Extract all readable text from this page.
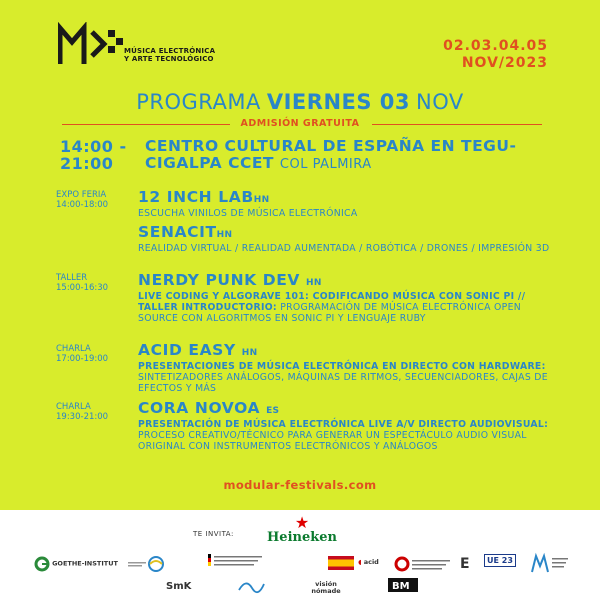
MÚSICA ELECTRÓNICA
Y ARTE TECNOLÓGICO
02.03.04.05
NOV/2023
PROGRAMA VIERNES 03 NOV
ADMISIÓN GRATUITA
14:00 -
21:00
CENTRO CULTURAL DE ESPAÑA EN TEGU-
CIGALPA CCET COL PALMIRA
EXPO FERIA
14:00-18:00 12 INCH LABHN
ESCUCHA VINILOS DE MÚSICA ELECTRÓNICA
SENACITHN
REALIDAD VIRTUAL / REALIDAD AUMENTADA / ROBÓTICA / DRONES / IMPRESIÓN 3D
TALLER
15:00-16:30 NERDY PUNK DEV HN
LIVE CODING Y ALGORAVE 101: CODIFICANDO MÚSICA CON SONIC PI // TALLER INTRODUCTORIO: PROGRAMACIÓN DE MÚSICA ELECTRÓNICA OPEN SOURCE CON ALGORITMOS EN SONIC PI Y LENGUAJE RUBY
CHARLA
17:00-19:00 ACID EASY HN
PRESENTACIONES DE MÚSICA ELECTRÓNICA EN DIRECTO CON HARDWARE: SINTETIZADORES ANÁLOGOS, MÁQUINAS DE RITMOS, SECUENCIADORES, CAJAS DE EFECTOS Y MÁS
CHARLA
19:30-21:00 CORA NOVOA ES
PRESENTACIÓN DE MÚSICA ELECTRÓNICA LIVE A/V DIRECTO AUDIOVISUAL: PROCESO CREATIVO/TÉCNICO PARA GENERAR UN ESPECTÁCULO AUDIO VISUAL ORIGINAL CON INSTRUMENTOS ELECTRÓNICOS Y ANÁLOGOS
modular-festivals.com
TE INVITA:
★
Heineken
GOETHE-INSTITUT	◖ acid	E	UE 23
SmK	visión nómade	BM
